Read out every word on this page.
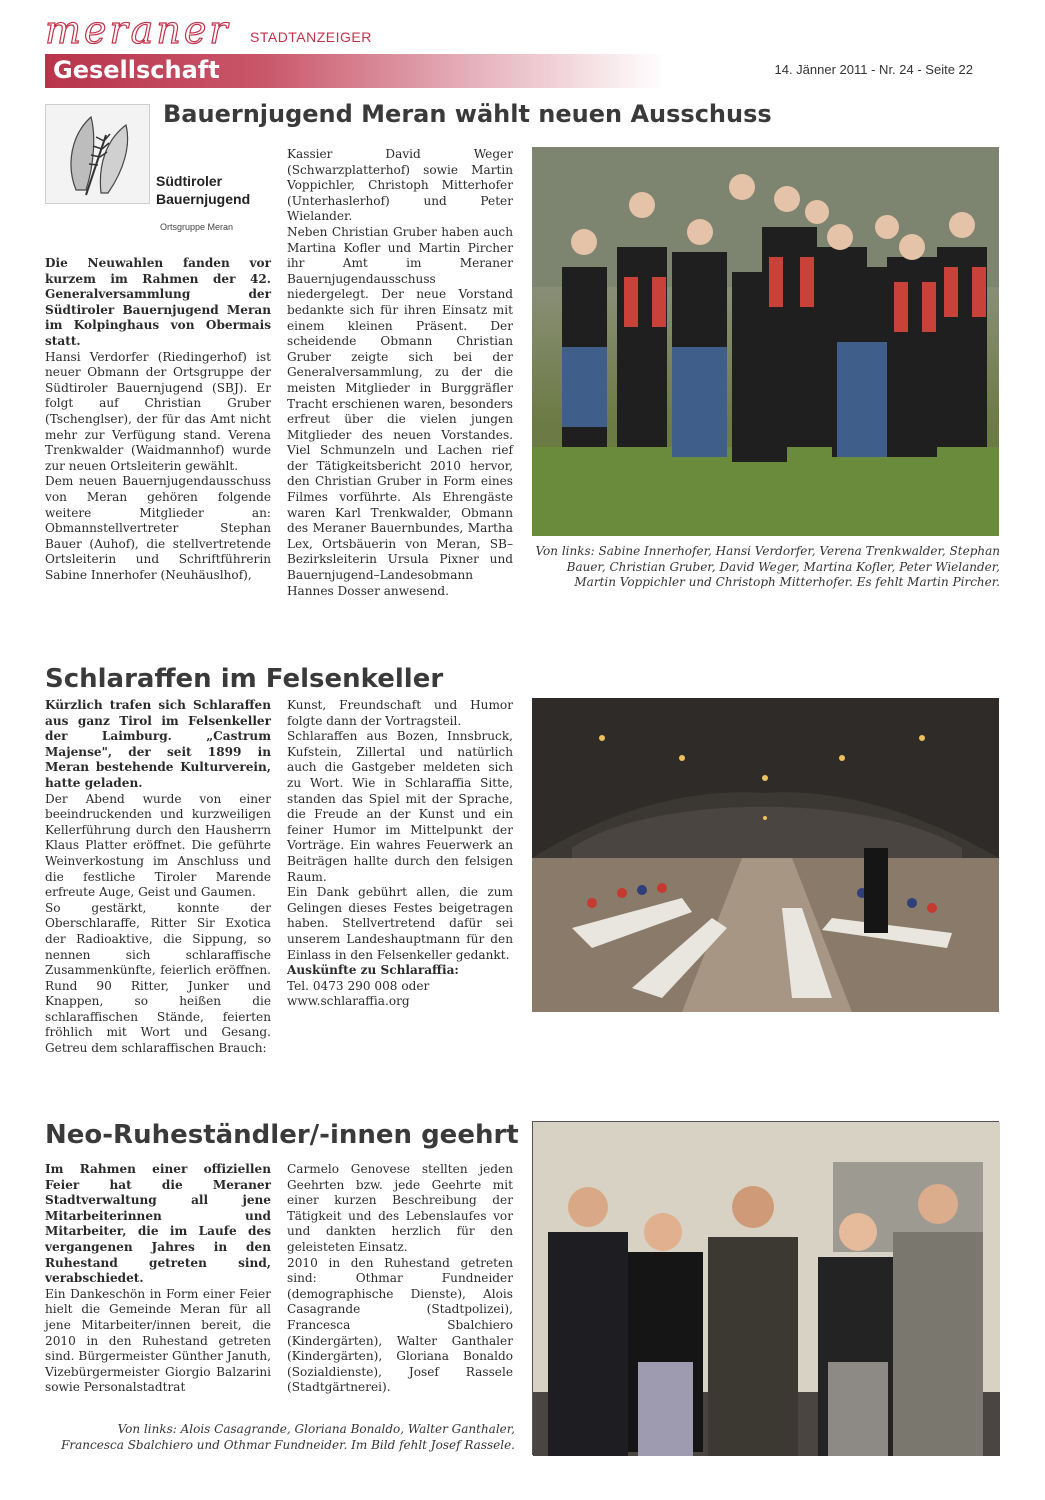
meraner STADTANZEIGER
Gesellschaft	14. Jänner 2011 - Nr. 24 - Seite 22
Südtiroler
Bauernjugend
Ortsgruppe Meran
Bauernjugend Meran wählt neuen Ausschuss

Die Neuwahlen fanden vor kurzem im Rahmen der 42. Generalversammlung der Südtiroler Bauernjugend Meran im Kolpinghaus von Obermais statt.

Hansi Verdorfer (Riedingerhof) ist neuer Obmann der Ortsgruppe der Südtiroler Bauernjugend (SBJ). Er folgt auf Christian Gruber (Tschenglser), der für das Amt nicht mehr zur Verfügung stand. Verena Trenkwalder (Waidmannhof) wurde zur neuen Ortsleiterin gewählt.

Dem neuen Bauernjugendausschuss von Meran gehören folgende weitere Mitglieder an: Obmannstellvertreter Stephan Bauer (Auhof), die stellvertretende Ortsleiterin und Schriftführerin Sabine Innerhofer (Neuhäuslhof),

Kassier David Weger (Schwarzplatterhof) sowie Martin Voppichler, Christoph Mitterhofer (Unterhaslerhof) und Peter Wielander.

Neben Christian Gruber haben auch Martina Kofler und Martin Pircher ihr Amt im Meraner Bauernjugendausschuss niedergelegt. Der neue Vorstand bedankte sich für ihren Einsatz mit einem kleinen Präsent. Der scheidende Obmann Christian Gruber zeigte sich bei der Generalversammlung, zu der die meisten Mitglieder in Burggräfler Tracht erschienen waren, besonders erfreut über die vielen jungen Mitglieder des neuen Vorstandes. Viel Schmunzeln und Lachen rief der Tätigkeitsbericht 2010 hervor, den Christian Gruber in Form eines Filmes vorführte. Als Ehrengäste waren Karl Trenkwalder, Obmann des Meraner Bauernbundes, Martha Lex, Ortsbäuerin von Meran, SB–Bezirksleiterin Ursula Pixner und Bauernjugend–Landesobmann Hannes Dosser anwesend.

Von links: Sabine Innerhofer, Hansi Verdorfer, Verena Trenkwalder, Stephan Bauer, Christian Gruber, David Weger, Martina Kofler, Peter Wielander, Martin Voppichler und Christoph Mitterhofer. Es fehlt Martin Pircher.
Schlaraffen im Felsenkeller

Kürzlich trafen sich Schlaraffen aus ganz Tirol im Felsenkeller der Laimburg. „Castrum Majense", der seit 1899 in Meran bestehende Kulturverein, hatte geladen.

Der Abend wurde von einer beeindruckenden und kurzweiligen Kellerführung durch den Hausherrn Klaus Platter eröffnet. Die geführte Weinverkostung im Anschluss und die festliche Tiroler Marende erfreute Auge, Geist und Gaumen.

So gestärkt, konnte der Oberschlaraffe, Ritter Sir Exotica der Radioaktive, die Sippung, so nennen sich schlaraffische Zusammenkünfte, feierlich eröffnen. Rund 90 Ritter, Junker und Knappen, so heißen die schlaraffischen Stände, feierten fröhlich mit Wort und Gesang. Getreu dem schlaraffischen Brauch:

Kunst, Freundschaft und Humor folgte dann der Vortragsteil.

Schlaraffen aus Bozen, Innsbruck, Kufstein, Zillertal und natürlich auch die Gastgeber meldeten sich zu Wort. Wie in Schlaraffia Sitte, standen das Spiel mit der Sprache, die Freude an der Kunst und ein feiner Humor im Mittelpunkt der Vorträge. Ein wahres Feuerwerk an Beiträgen hallte durch den felsigen Raum.

Ein Dank gebührt allen, die zum Gelingen dieses Festes beigetragen haben. Stellvertretend dafür sei unserem Landeshauptmann für den Einlass in den Felsenkeller gedankt.

Auskünfte zu Schlaraffia:

Tel. 0473 290 008 oder

www.schlaraffia.org

Neo-Ruheständler/-innen geehrt

Im Rahmen einer offiziellen Feier hat die Meraner Stadtverwaltung all jene Mitarbeiterinnen und Mitarbeiter, die im Laufe des vergangenen Jahres in den Ruhestand getreten sind, verabschiedet.

Ein Dankeschön in Form einer Feier hielt die Gemeinde Meran für all jene Mitarbeiter/innen bereit, die 2010 in den Ruhestand getreten sind. Bürgermeister Günther Januth, Vizebürgermeister Giorgio Balzarini sowie Personalstadtrat

Carmelo Genovese stellten jeden Geehrten bzw. jede Geehrte mit einer kurzen Beschreibung der Tätigkeit und des Lebenslaufes vor und dankten herzlich für den geleisteten Einsatz.

2010 in den Ruhestand getreten sind: Othmar Fundneider (demographische Dienste), Alois Casagrande (Stadtpolizei), Francesca Sbalchiero (Kindergärten), Walter Ganthaler (Kindergärten), Gloriana Bonaldo (Sozialdienste), Josef Rassele (Stadtgärtnerei).

Von links: Alois Casagrande, Gloriana Bonaldo, Walter Ganthaler,
Francesca Sbalchiero und Othmar Fundneider. Im Bild fehlt Josef Rassele.
